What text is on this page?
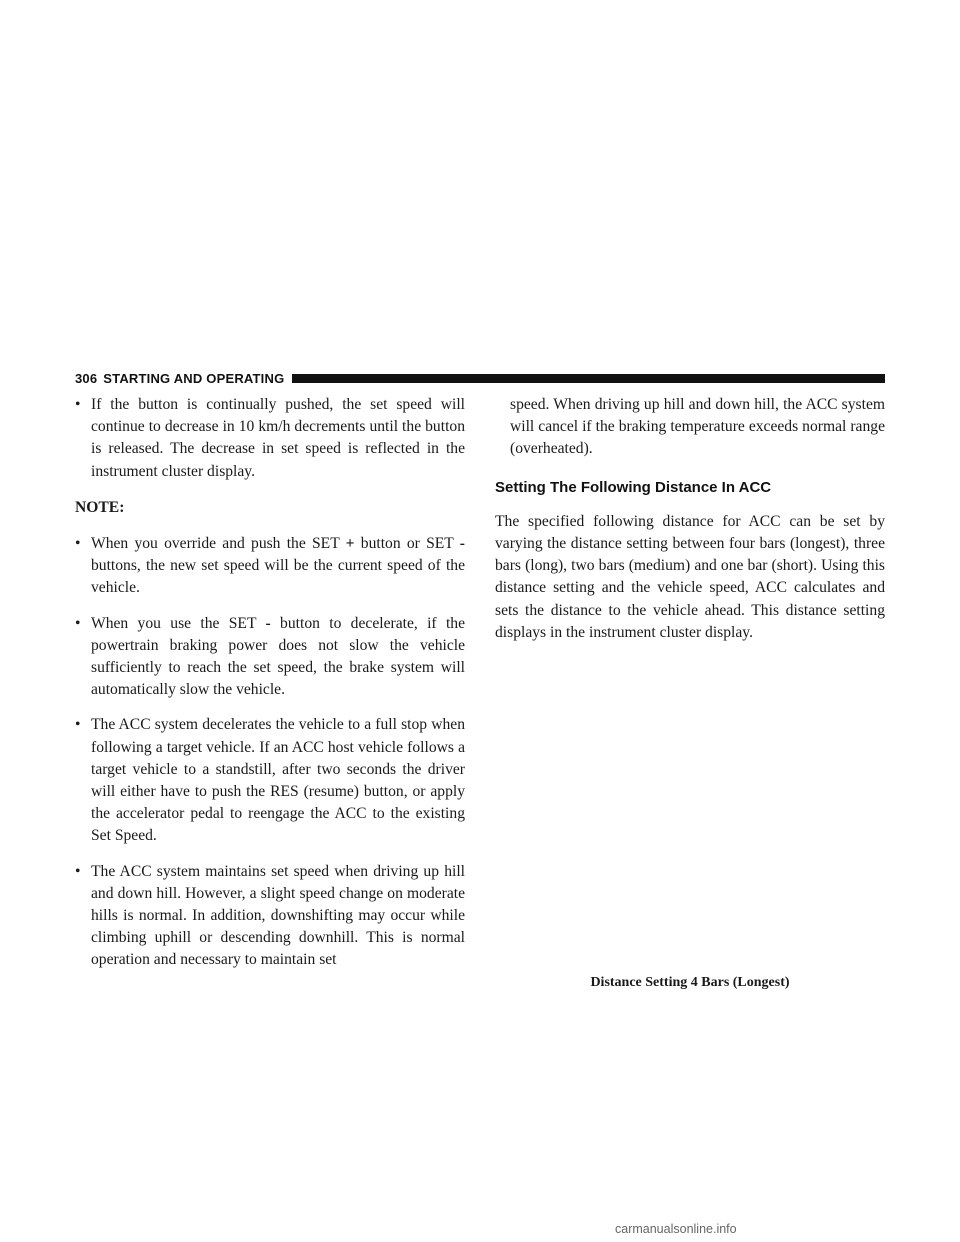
306 STARTING AND OPERATING
• If the button is continually pushed, the set speed will continue to decrease in 10 km/h decrements until the button is released. The decrease in set speed is reflected in the instrument cluster display.
NOTE:
• When you override and push the SET + button or SET - buttons, the new set speed will be the current speed of the vehicle.
• When you use the SET - button to decelerate, if the powertrain braking power does not slow the vehicle sufficiently to reach the set speed, the brake system will automatically slow the vehicle.
• The ACC system decelerates the vehicle to a full stop when following a target vehicle. If an ACC host vehicle follows a target vehicle to a standstill, after two seconds the driver will either have to push the RES (resume) button, or apply the accelerator pedal to reengage the ACC to the existing Set Speed.
• The ACC system maintains set speed when driving up hill and down hill. However, a slight speed change on moderate hills is normal. In addition, downshifting may occur while climbing uphill or descending downhill. This is normal operation and necessary to maintain set
speed. When driving up hill and down hill, the ACC system will cancel if the braking temperature exceeds normal range (overheated).
Setting The Following Distance In ACC
The specified following distance for ACC can be set by varying the distance setting between four bars (longest), three bars (long), two bars (medium) and one bar (short). Using this distance setting and the vehicle speed, ACC calculates and sets the distance to the vehicle ahead. This distance setting displays in the instrument cluster display.
Distance Setting 4 Bars (Longest)
carmanualsonline.info
